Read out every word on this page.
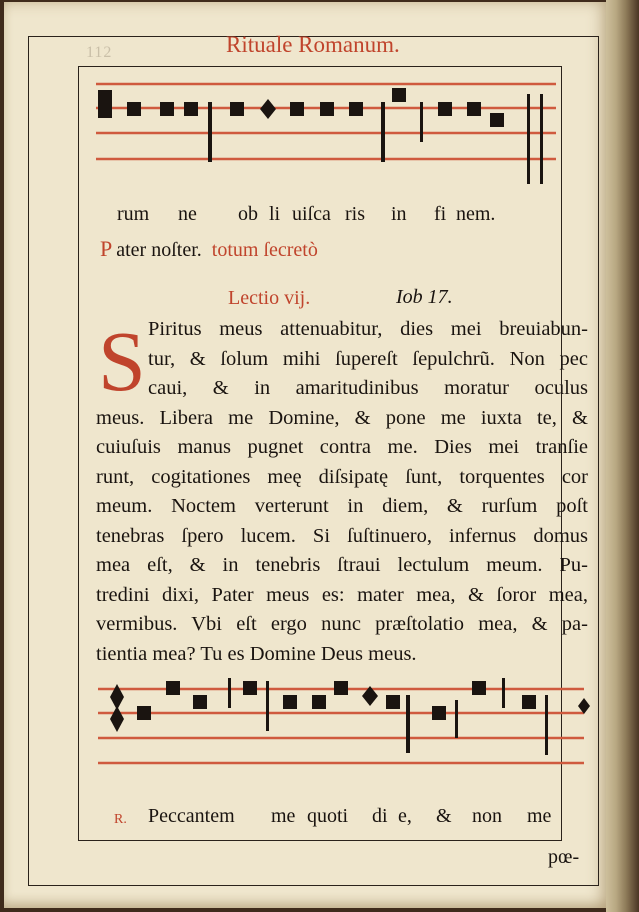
112	Rituale Romanum.
rum ne ob li uiſca ris in fi nem.
P ater noſter. totum ſecretò
Lectio vij.	Iob 17.
S Piritus meus attenuabitur, dies mei breuiabun-
tur, & ſolum mihi ſupereſt ſepulchrũ. Non pec
caui, & in amaritudinibus moratur oculus
meus. Libera me Domine, & pone me iuxta te, &
cuiuſuis manus pugnet contra me. Dies mei tranſie
runt, cogitationes meę diſsipatę ſunt, torquentes cor
meum. Noctem verterunt in diem, & rurſum poſt
tenebras ſpero lucem. Si ſuſtinuero, infernus domus
mea eſt, & in tenebris ſtraui lectulum meum. Pu-
tredini dixi, Pater meus es: mater mea, & ſoror mea,
vermibus. Vbi eſt ergo nunc præſtolatio mea, & pa-
tientia mea? Tu es Domine Deus meus.
R. Peccantem me quoti di e, & non me
pœ-
